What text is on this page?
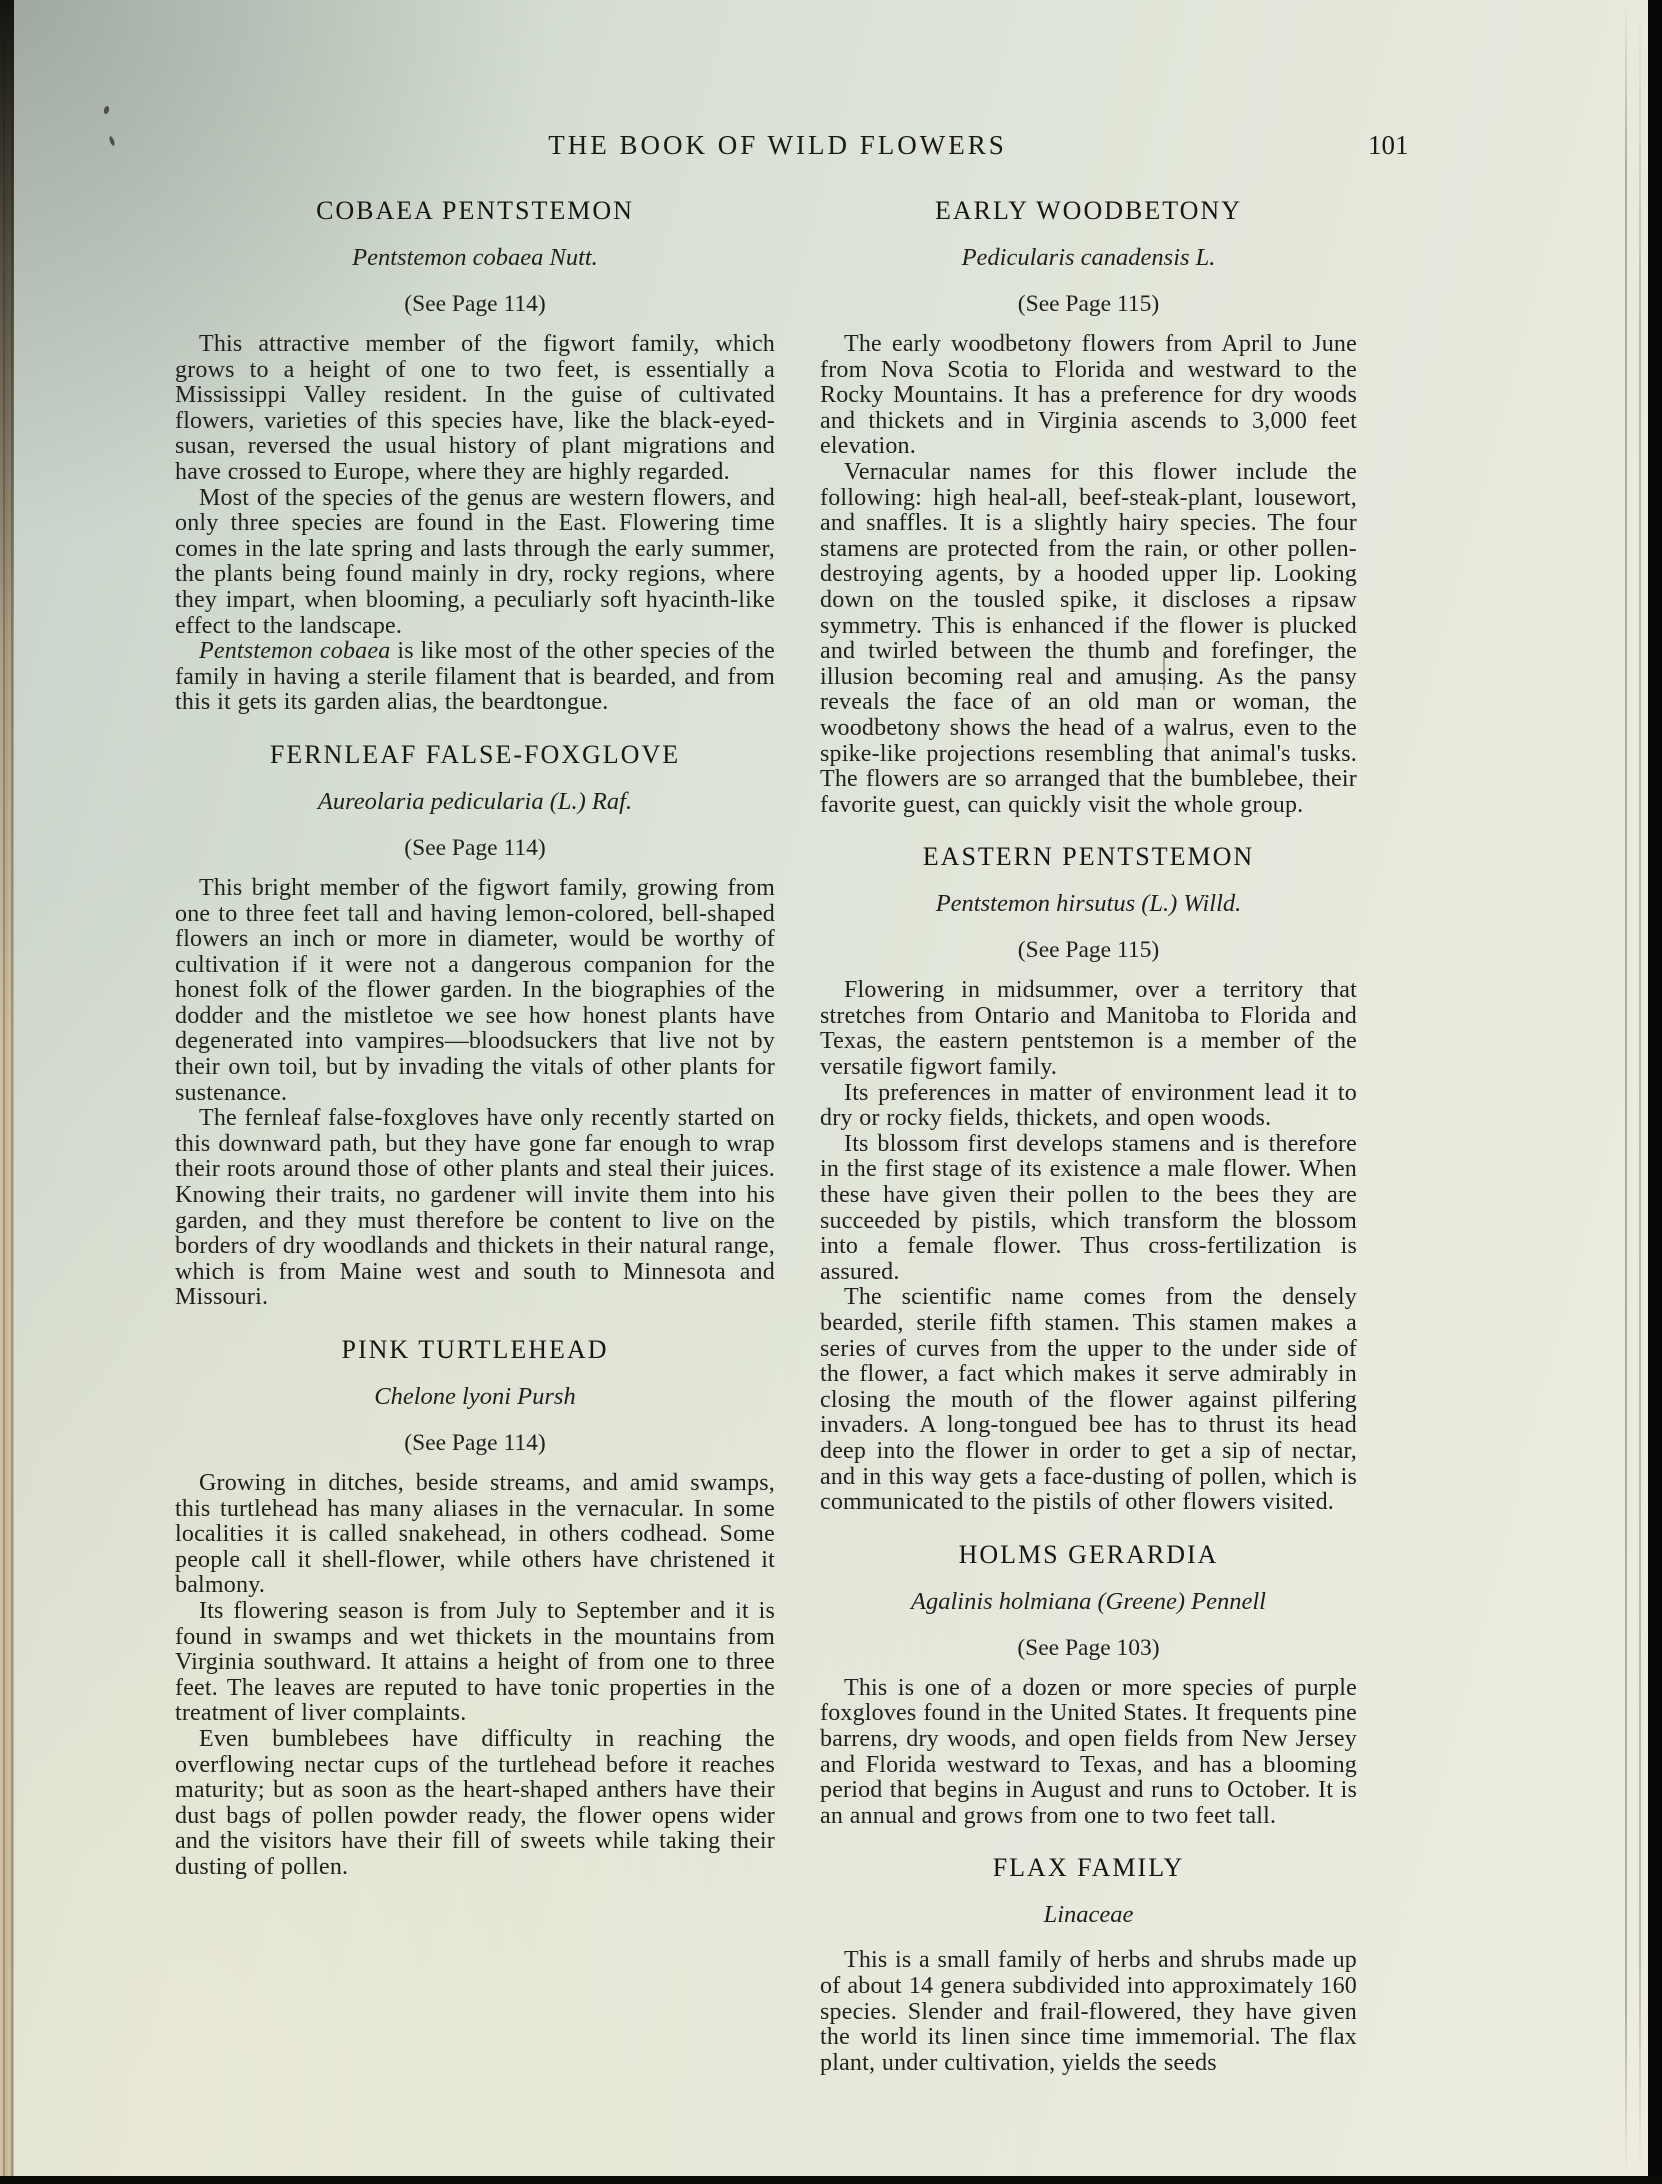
THE BOOK OF WILD FLOWERS	101
COBAEA PENTSTEMON
Pentstemon cobaea Nutt.
(See Page 114)

This attractive member of the figwort family, which grows to a height of one to two feet, is essentially a Mississippi Valley resident. In the guise of cultivated flowers, varieties of this species have, like the black-eyed-susan, reversed the usual history of plant migrations and have crossed to Europe, where they are highly regarded.

Most of the species of the genus are western flowers, and only three species are found in the East. Flowering time comes in the late spring and lasts through the early summer, the plants being found mainly in dry, rocky regions, where they impart, when blooming, a peculiarly soft hyacinth-like effect to the landscape.

Pentstemon cobaea is like most of the other species of the family in having a sterile filament that is bearded, and from this it gets its garden alias, the beardtongue.

FERNLEAF FALSE-FOXGLOVE
Aureolaria pedicularia (L.) Raf.
(See Page 114)

This bright member of the figwort family, growing from one to three feet tall and having lemon-colored, bell-shaped flowers an inch or more in diameter, would be worthy of cultivation if it were not a dangerous companion for the honest folk of the flower garden. In the biographies of the dodder and the mistletoe we see how honest plants have degenerated into vampires—bloodsuckers that live not by their own toil, but by invading the vitals of other plants for sustenance.

The fernleaf false-foxgloves have only recently started on this downward path, but they have gone far enough to wrap their roots around those of other plants and steal their juices. Knowing their traits, no gardener will invite them into his garden, and they must therefore be content to live on the borders of dry woodlands and thickets in their natural range, which is from Maine west and south to Minnesota and Missouri.

PINK TURTLEHEAD
Chelone lyoni Pursh
(See Page 114)

Growing in ditches, beside streams, and amid swamps, this turtlehead has many aliases in the vernacular. In some localities it is called snakehead, in others codhead. Some people call it shell-flower, while others have christened it balmony.

Its flowering season is from July to September and it is found in swamps and wet thickets in the mountains from Virginia southward. It attains a height of from one to three feet. The leaves are reputed to have tonic properties in the treatment of liver complaints.

Even bumblebees have difficulty in reaching the overflowing nectar cups of the turtlehead before it reaches maturity; but as soon as the heart-shaped anthers have their dust bags of pollen powder ready, the flower opens wider and the visitors have their fill of sweets while taking their dusting of pollen.

EARLY WOODBETONY
Pedicularis canadensis L.
(See Page 115)

The early woodbetony flowers from April to June from Nova Scotia to Florida and westward to the Rocky Mountains. It has a preference for dry woods and thickets and in Virginia ascends to 3,000 feet elevation.

Vernacular names for this flower include the following: high heal-all, beef-steak-plant, lousewort, and snaffles. It is a slightly hairy species. The four stamens are protected from the rain, or other pollen-destroying agents, by a hooded upper lip. Looking down on the tousled spike, it discloses a ripsaw symmetry. This is enhanced if the flower is plucked and twirled between the thumb and forefinger, the illusion becoming real and amusing. As the pansy reveals the face of an old man or woman, the woodbetony shows the head of a walrus, even to the spike-like projections resembling that animal's tusks. The flowers are so arranged that the bumblebee, their favorite guest, can quickly visit the whole group.

EASTERN PENTSTEMON
Pentstemon hirsutus (L.) Willd.
(See Page 115)

Flowering in midsummer, over a territory that stretches from Ontario and Manitoba to Florida and Texas, the eastern pentstemon is a member of the versatile figwort family.

Its preferences in matter of environment lead it to dry or rocky fields, thickets, and open woods.

Its blossom first develops stamens and is therefore in the first stage of its existence a male flower. When these have given their pollen to the bees they are succeeded by pistils, which transform the blossom into a female flower. Thus cross-fertilization is assured.

The scientific name comes from the densely bearded, sterile fifth stamen. This stamen makes a series of curves from the upper to the under side of the flower, a fact which makes it serve admirably in closing the mouth of the flower against pilfering invaders. A long-tongued bee has to thrust its head deep into the flower in order to get a sip of nectar, and in this way gets a face-dusting of pollen, which is communicated to the pistils of other flowers visited.

HOLMS GERARDIA
Agalinis holmiana (Greene) Pennell
(See Page 103)

This is one of a dozen or more species of purple foxgloves found in the United States. It frequents pine barrens, dry woods, and open fields from New Jersey and Florida westward to Texas, and has a blooming period that begins in August and runs to October. It is an annual and grows from one to two feet tall.

FLAX FAMILY
Linaceae

This is a small family of herbs and shrubs made up of about 14 genera subdivided into approximately 160 species. Slender and frail-flowered, they have given the world its linen since time immemorial. The flax plant, under cultivation, yields the seeds
